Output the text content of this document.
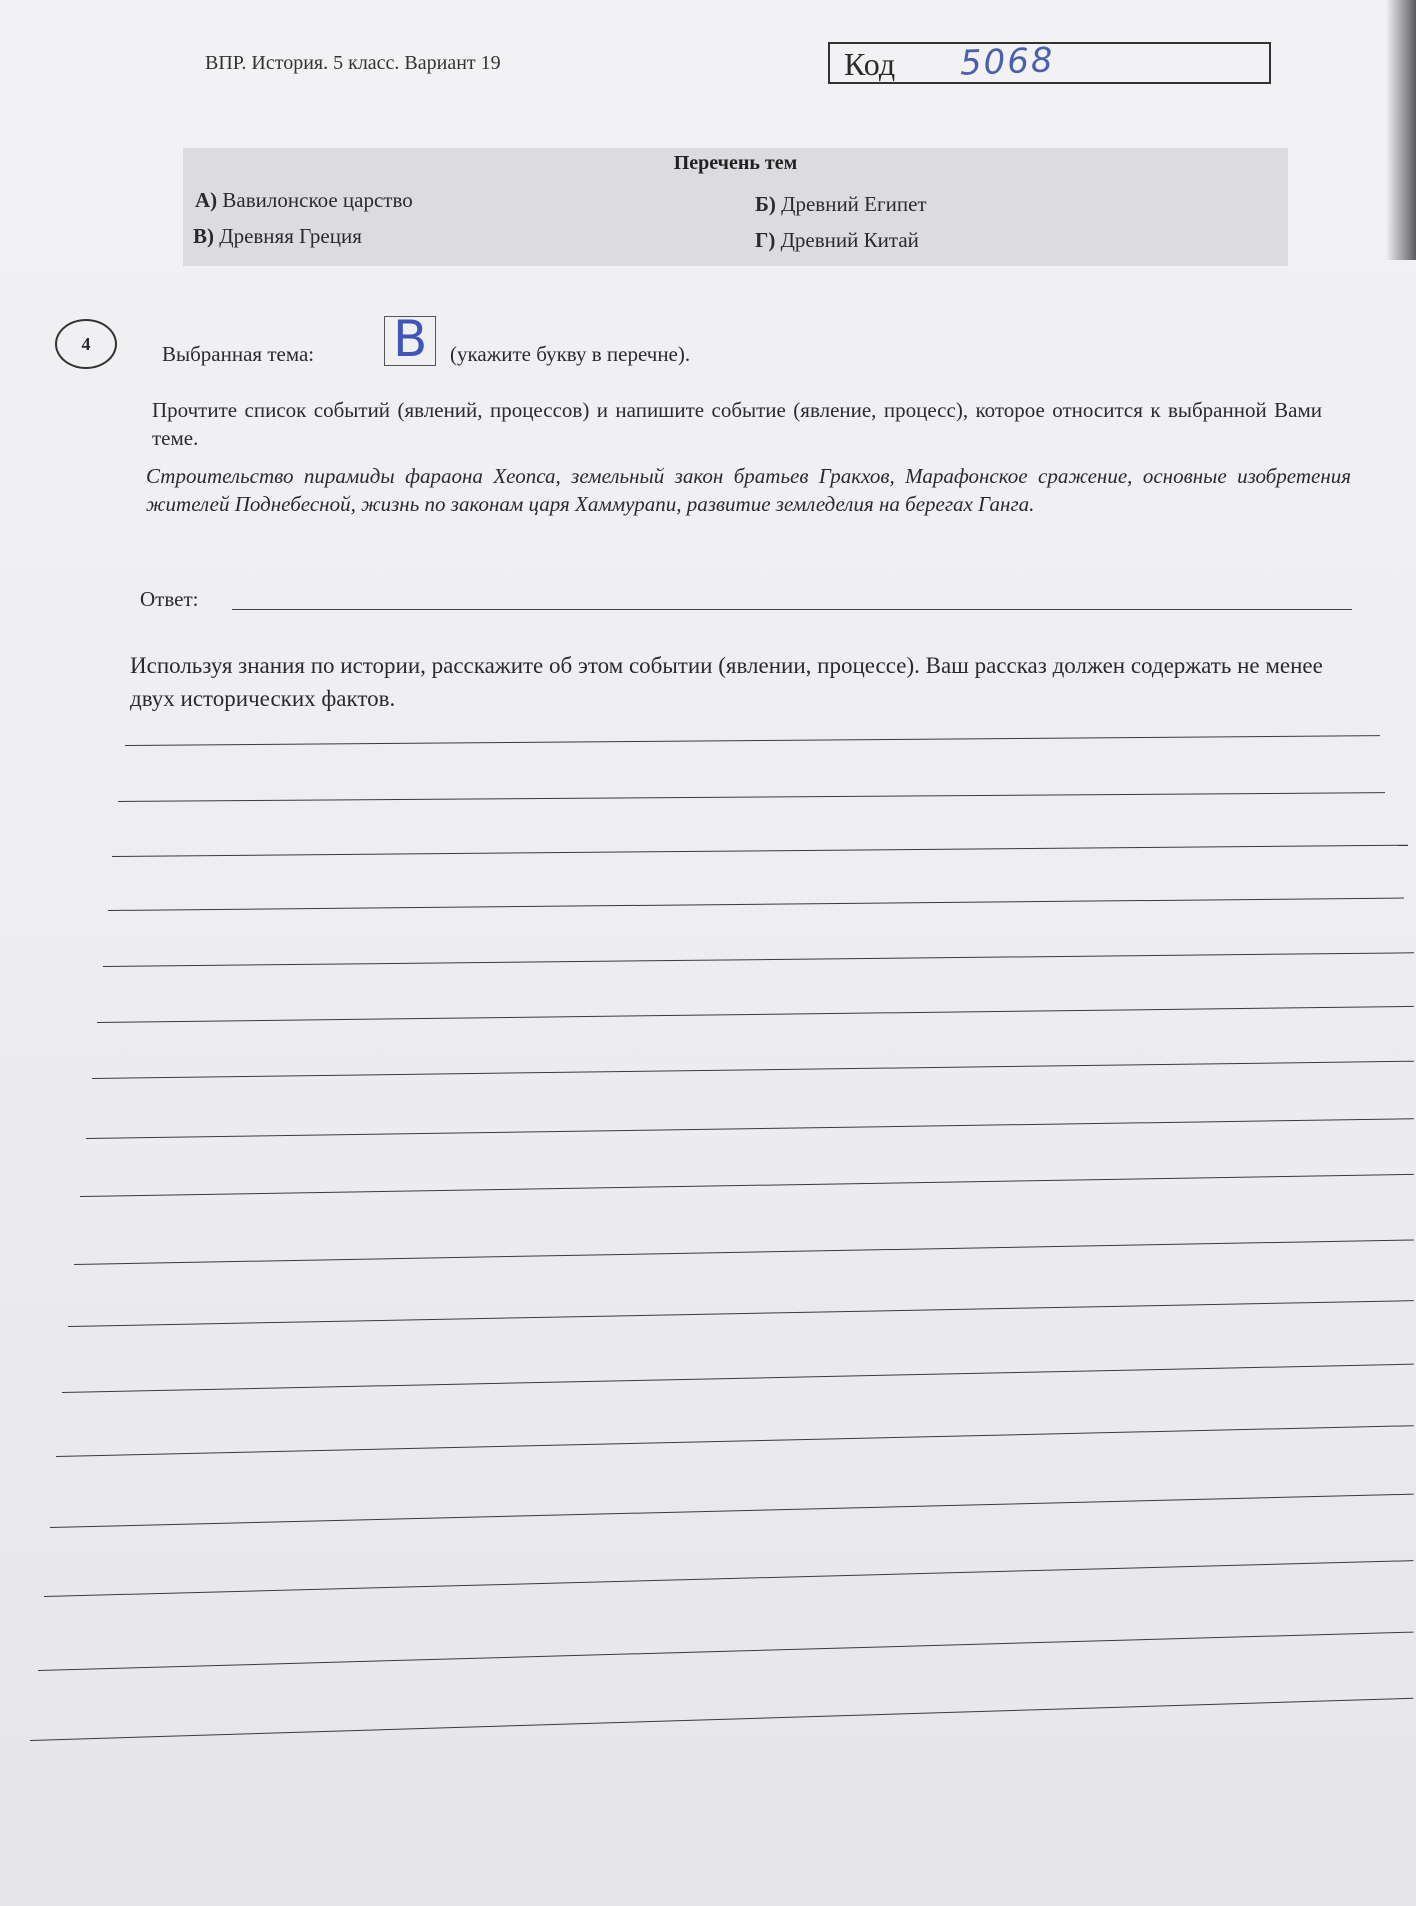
ВПР. История. 5 класс. Вариант 19	Код 5068
Перечень тем
А) Вавилонское царство	Б) Древний Египет
В) Древняя Греция	Г) Древний Китай
4	Выбранная тема: В (укажите букву в перечне).
Прочтите список событий (явлений, процессов) и напишите событие (явление, процесс), которое относится к выбранной Вами теме.
Строительство пирамиды фараона Хеопса, земельный закон братьев Гракхов, Марафонское сражение, основные изобретения жителей Поднебесной, жизнь по законам царя Хаммурапи, развитие земледелия на берегах Ганга.
Ответ:
Используя знания по истории, расскажите об этом событии (явлении, процессе). Ваш рассказ должен содержать не менее двух исторических фактов.
